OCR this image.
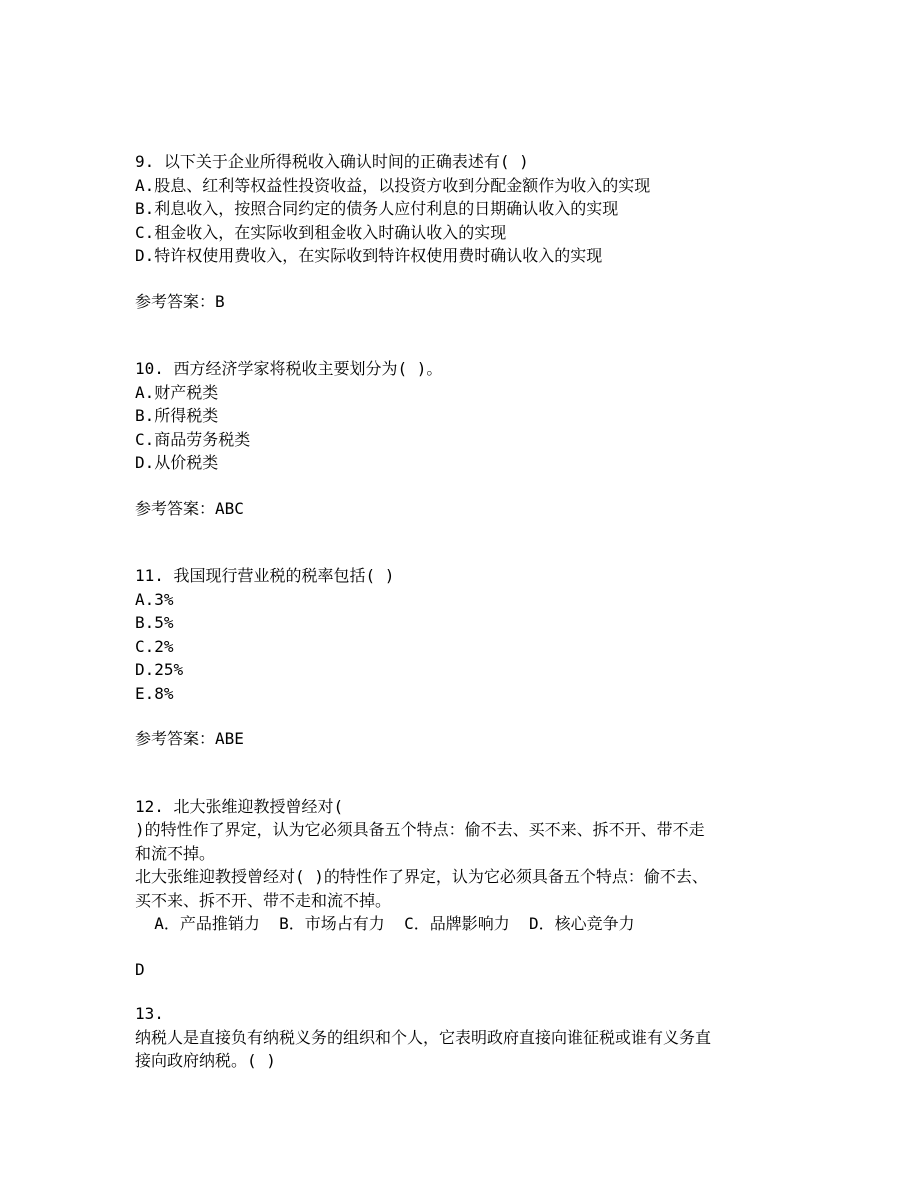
9. 以下关于企业所得税收入确认时间的正确表述有( )
A.股息、红利等权益性投资收益，以投资方收到分配金额作为收入的实现
B.利息收入，按照合同约定的债务人应付利息的日期确认收入的实现
C.租金收入，在实际收到租金收入时确认收入的实现
D.特许权使用费收入，在实际收到特许权使用费时确认收入的实现
参考答案：B
10. 西方经济学家将税收主要划分为( )。
A.财产税类
B.所得税类
C.商品劳务税类
D.从价税类
参考答案：ABC
11. 我国现行营业税的税率包括( )
A.3%
B.5%
C.2%
D.25%
E.8%
参考答案：ABE
12. 北大张维迎教授曾经对(
)的特性作了界定，认为它必须具备五个特点：偷不去、买不来、拆不开、带不走
和流不掉。
北大张维迎教授曾经对( )的特性作了界定，认为它必须具备五个特点：偷不去、
买不来、拆不开、带不走和流不掉。
A．产品推销力  B．市场占有力  C．品牌影响力  D．核心竞争力
D
13.
纳税人是直接负有纳税义务的组织和个人，它表明政府直接向谁征税或谁有义务直
接向政府纳税。( )
